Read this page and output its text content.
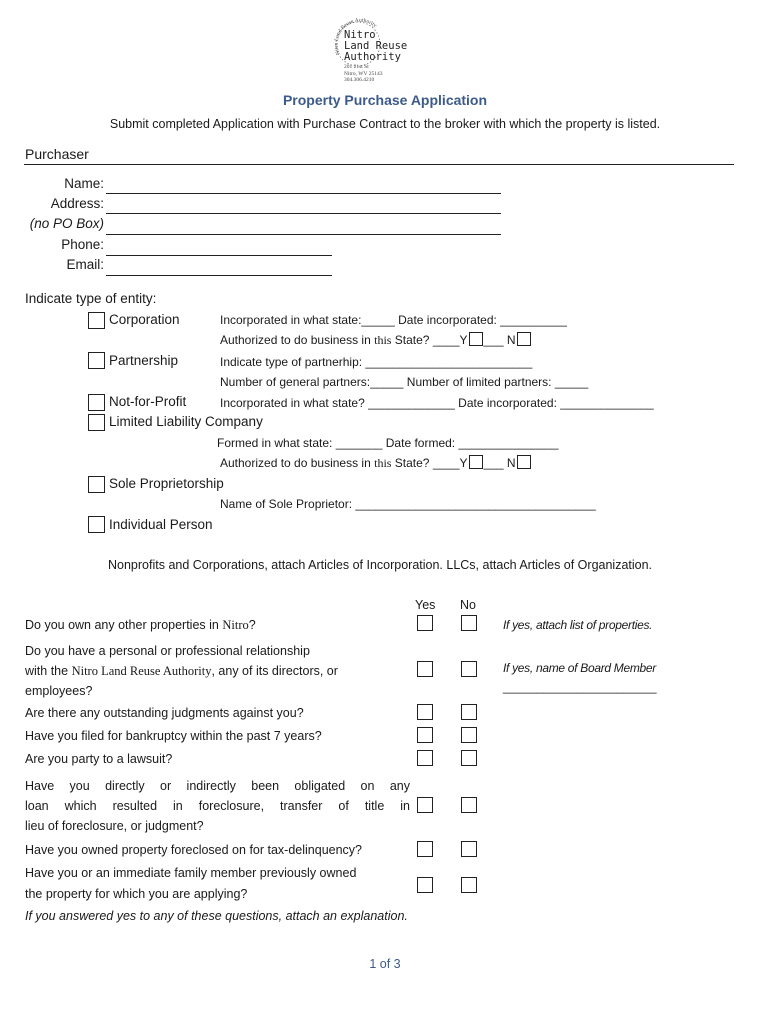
Nitro Land Reuse Authority
Nitro
Land Reuse
Authority
201 21st St
Nitro, WV 25143
304.306.4210
Property Purchase Application
Submit completed Application with Purchase Contract to the broker with which the property is listed.
Purchaser
Name:
Address:
(no PO Box)
Phone:
Email:
Indicate type of entity:
Corporation	Incorporated in what state:_____ Date incorporated: __________
Authorized to do business in this State? ____Y ___ N
Partnership	Indicate type of partnerhip: _________________________
Number of general partners:_____ Number of limited partners: _____
Not-for-Profit	Incorporated in what state? _____________ Date incorporated: ______________
Limited Liability Company
Formed in what state: _______ Date formed: _______________
Authorized to do business in this State? ____Y ___ N
Sole Proprietorship
Name of Sole Proprietor: ____________________________________
Individual Person
Nonprofits and Corporations, attach Articles of Incorporation. LLCs, attach Articles of Organization.
Yes No
Do you own any other properties in Nitro?	If yes, attach list of properties.
Do you have a personal or professional relationship
with the Nitro Land Reuse Authority, any of its directors, or
employees?
If yes, name of Board Member
_______________________
Are there any outstanding judgments against you?
Have you filed for bankruptcy within the past 7 years?
Are you party to a lawsuit?
Have you directly or indirectly been obligated on any
loan which resulted in foreclosure, transfer of title in
lieu of foreclosure, or judgment?
Have you owned property foreclosed on for tax-delinquency?
Have you or an immediate family member previously owned
the property for which you are applying?
If you answered yes to any of these questions, attach an explanation.
1 of 3
